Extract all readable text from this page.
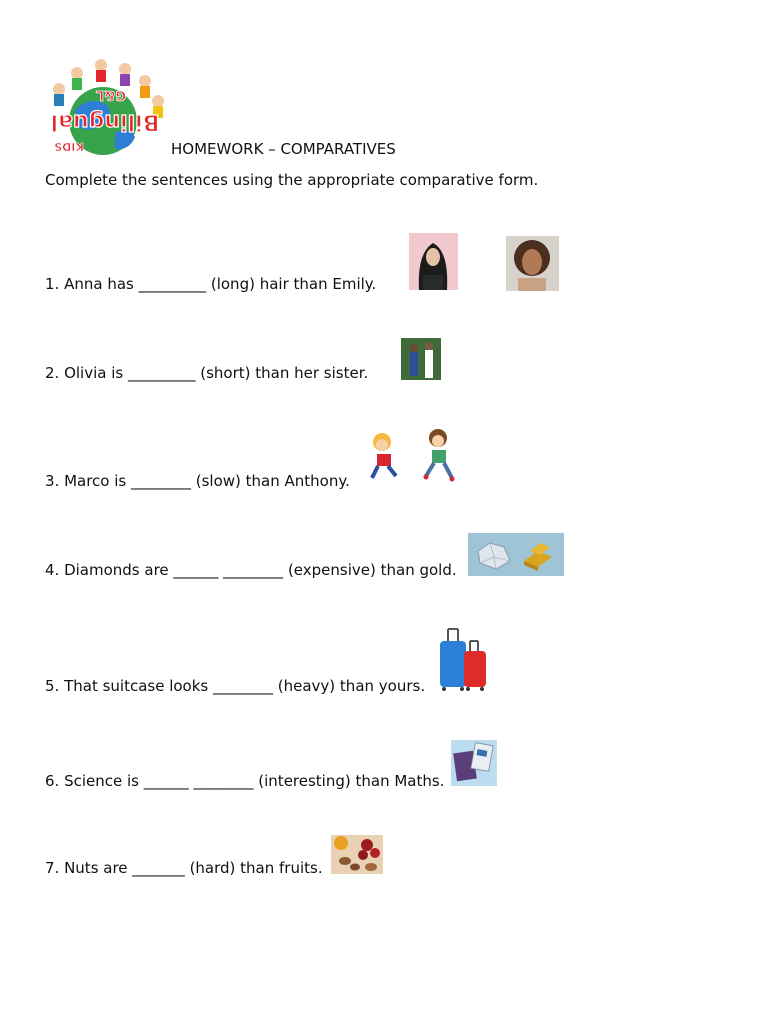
Bilingual
G&L
KIDS	HOMEWORK – COMPARATIVES
Complete the sentences using the appropriate comparative form.
1. Anna has _________ (long) hair than Emily.
2. Olivia is _________ (short) than her sister.
3. Marco is ________ (slow) than Anthony.
4. Diamonds are ______ ________ (expensive) than gold.
5. That suitcase looks ________ (heavy) than yours.
6. Science is ______ ________ (interesting) than Maths.
7. Nuts are _______ (hard) than fruits.
